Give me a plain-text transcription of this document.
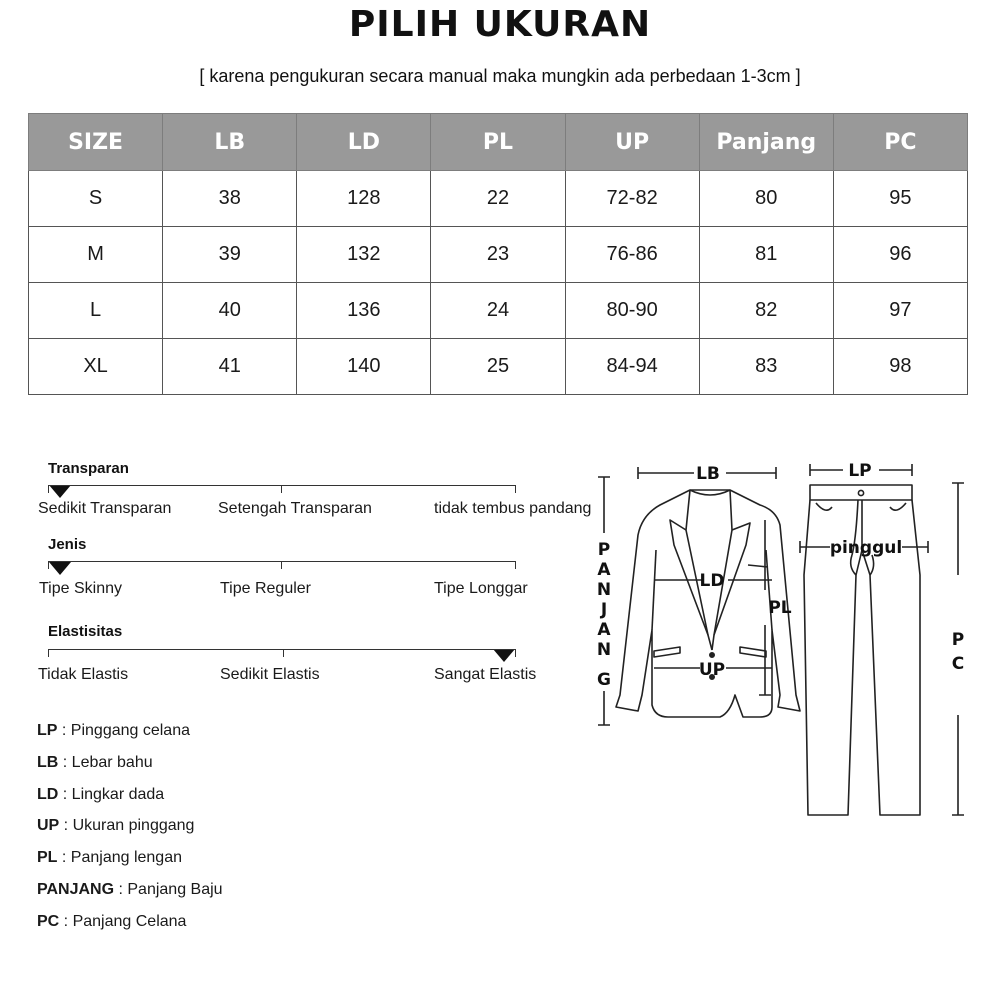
PILIH UKURAN
[ karena pengukuran secara manual maka mungkin ada perbedaan 1-3cm ]
SIZE	LB	LD	PL	UP	Panjang	PC
S	38	128	22	72-82	80	95
M	39	132	23	76-86	81	96
L	40	136	24	80-90	82	97
XL	41	140	25	84-94	83	98
Transparan
Sedikit Transparan	Setengah Transparan	tidak tembus pandang
Jenis
Tipe Skinny	Tipe Reguler	Tipe Longgar
Elastisitas
Tidak Elastis	Sedikit Elastis	Sangat Elastis
LP : Pinggang celana
LB : Lebar bahu
LD : Lingkar dada
UP : Ukuran pinggang
PL : Panjang lengan
PANJANG : Panjang Baju
PC : Panjang Celana
LB
LD
UP
PL
LP
pinggul
P
A
N
J
A
N
G
P
C
